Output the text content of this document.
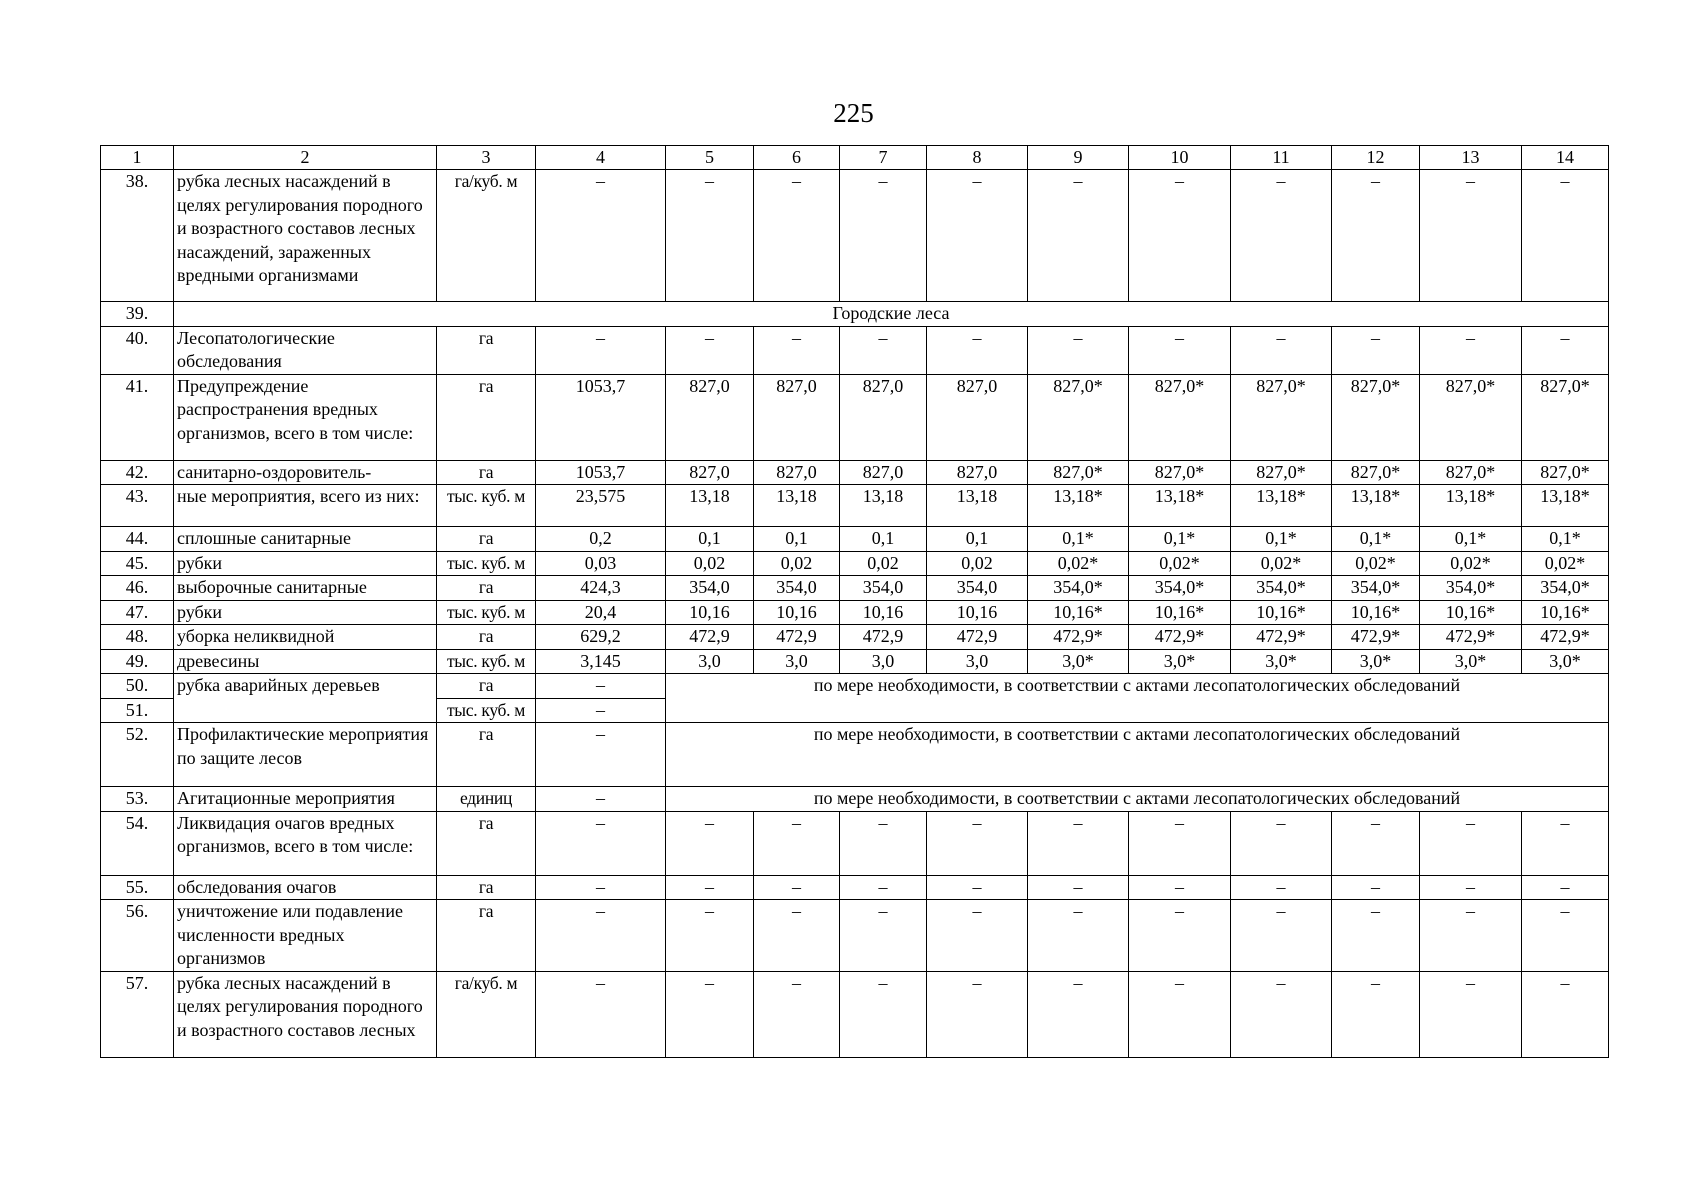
225
1	2	3	4	5	6	7	8	9	10	11	12	13	14
38.	рубка лесных насаждений в целях регулирования породного и возрастного составов лесных насаждений, зараженных вредными организмами	га/куб. м	–	–	–	–	–	–	–	–	–	–	–
39.	Городские леса												
40.	Лесопатологические обследования	га	–	–	–	–	–	–	–	–	–	–	–
41.	Предупреждение распространения вредных организмов, всего в том числе:	га	1053,7	827,0	827,0	827,0	827,0	827,0*	827,0*	827,0*	827,0*	827,0*	827,0*
42.	санитарно-оздоровитель-	га	1053,7	827,0	827,0	827,0	827,0	827,0*	827,0*	827,0*	827,0*	827,0*	827,0*
43.	ные мероприятия, всего из них:	тыс. куб. м	23,575	13,18	13,18	13,18	13,18	13,18*	13,18*	13,18*	13,18*	13,18*	13,18*
44.	сплошные санитарные	га	0,2	0,1	0,1	0,1	0,1	0,1*	0,1*	0,1*	0,1*	0,1*	0,1*
45.	рубки	тыс. куб. м	0,03	0,02	0,02	0,02	0,02	0,02*	0,02*	0,02*	0,02*	0,02*	0,02*
46.	выборочные санитарные	га	424,3	354,0	354,0	354,0	354,0	354,0*	354,0*	354,0*	354,0*	354,0*	354,0*
47.	рубки	тыс. куб. м	20,4	10,16	10,16	10,16	10,16	10,16*	10,16*	10,16*	10,16*	10,16*	10,16*
48.	уборка неликвидной	га	629,2	472,9	472,9	472,9	472,9	472,9*	472,9*	472,9*	472,9*	472,9*	472,9*
49.	древесины	тыс. куб. м	3,145	3,0	3,0	3,0	3,0	3,0*	3,0*	3,0*	3,0*	3,0*	3,0*
50.	рубка аварийных деревьев	га	–	по мере необходимости, в соответствии с актами лесопатологических обследований									
51.		тыс. куб. м	–										
52.	Профилактические мероприятия по защите лесов	га	–	по мере необходимости, в соответствии с актами лесопатологических обследований									
53.	Агитационные мероприятия	единиц	–	по мере необходимости, в соответствии с актами лесопатологических обследований									
54.	Ликвидация очагов вредных организмов, всего в том числе:	га	–	–	–	–	–	–	–	–	–	–	–
55.	обследования очагов	га	–	–	–	–	–	–	–	–	–	–	–
56.	уничтожение или подавление численности вредных организмов	га	–	–	–	–	–	–	–	–	–	–	–
57.	рубка лесных насаждений в целях регулирования породного и возрастного составов лесных	га/куб. м	–	–	–	–	–	–	–	–	–	–	–
